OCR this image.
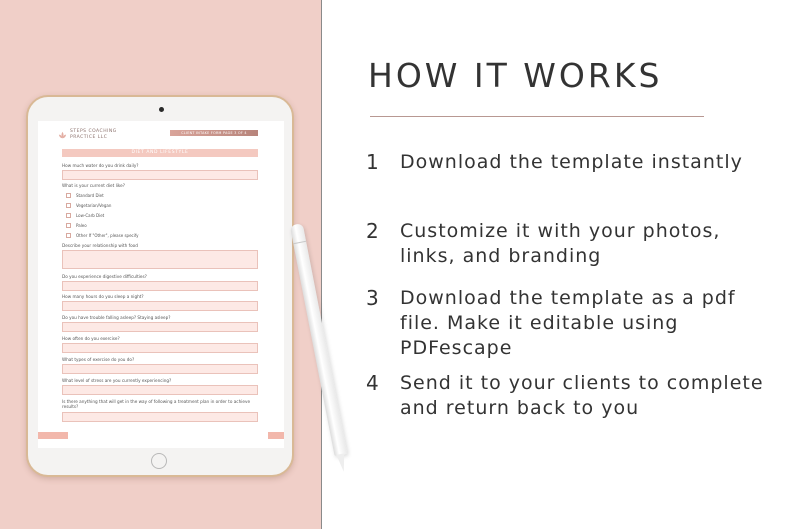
STEPS COACHING PRACTICE LLC
CLIENT INTAKE FORM PAGE 3 OF 4
DIET AND LIFESTYLE
How much water do you drink daily?
What is your current diet like?
Standard Diet
Vegetarian/Vegan
Low-Carb Diet
Paleo
Other If "Other", please specify
Describe your relationship with food
Do you experience digestive difficulties?
How many hours do you sleep a night?
Do you have trouble falling asleep? Staying asleep?
How often do you exercise?
What types of exercise do you do?
What level of stress are you currently experiencing?
Is there anything that will get in the way of following a treatment plan in order to achieve results?
HOW IT WORKS
1 Download the template instantly
2 Customize it with your photos, links, and branding
3 Download the template as a pdf file. Make it editable using PDFescape
4 Send it to your clients to complete and return back to you
